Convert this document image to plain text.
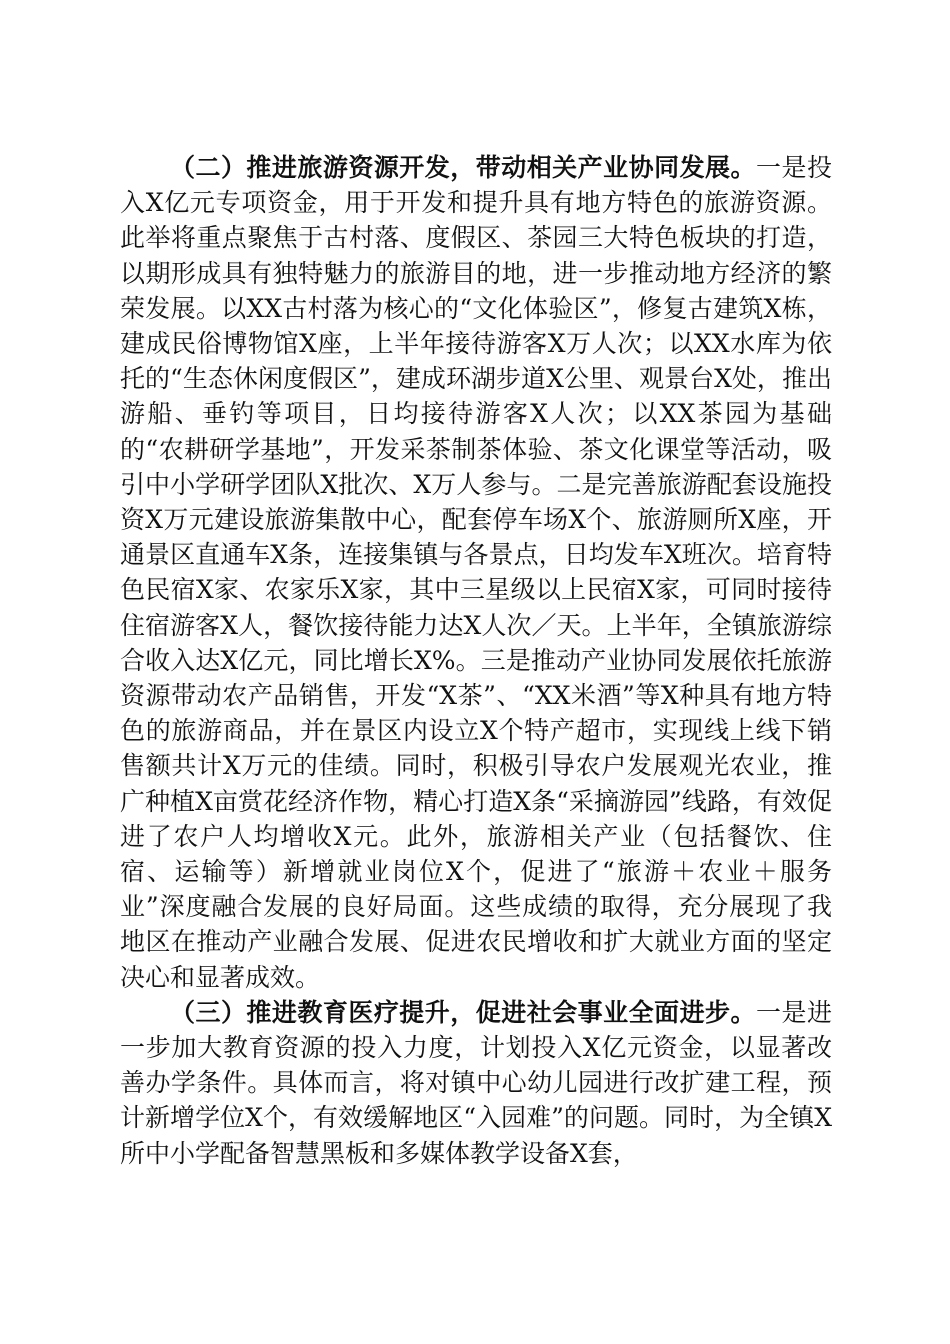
（二）推进旅游资源开发，带动相关产业协同发展。一是投入X亿元专项资金，用于开发和提升具有地方特色的旅游资源。此举将重点聚焦于古村落、度假区、茶园三大特色板块的打造，以期形成具有独特魅力的旅游目的地，进一步推动地方经济的繁荣发展。以XX古村落为核心的“文化体验区”，修复古建筑X栋，建成民俗博物馆X座，上半年接待游客X万人次；以XX水库为依托的“生态休闲度假区”，建成环湖步道X公里、观景台X处，推出游船、垂钓等项目，日均接待游客X人次；以XX茶园为基础的“农耕研学基地”，开发采茶制茶体验、茶文化课堂等活动，吸引中小学研学团队X批次、X万人参与。二是完善旅游配套设施投资X万元建设旅游集散中心，配套停车场X个、旅游厕所X座，开通景区直通车X条，连接集镇与各景点，日均发车X班次。培育特色民宿X家、农家乐X家，其中三星级以上民宿X家，可同时接待住宿游客X人，餐饮接待能力达X人次／天。上半年，全镇旅游综合收入达X亿元，同比增长X%。三是推动产业协同发展依托旅游资源带动农产品销售，开发“X茶”、“XX米酒”等X种具有地方特色的旅游商品，并在景区内设立X个特产超市，实现线上线下销售额共计X万元的佳绩。同时，积极引导农户发展观光农业，推广种植X亩赏花经济作物，精心打造X条“采摘游园”线路，有效促进了农户人均增收X元。此外，旅游相关产业（包括餐饮、住宿、运输等）新增就业岗位X个，促进了“旅游＋农业＋服务业”深度融合发展的良好局面。这些成绩的取得，充分展现了我地区在推动产业融合发展、促进农民增收和扩大就业方面的坚定决心和显著成效。

（三）推进教育医疗提升，促进社会事业全面进步。一是进一步加大教育资源的投入力度，计划投入X亿元资金，以显著改善办学条件。具体而言，将对镇中心幼儿园进行改扩建工程，预计新增学位X个，有效缓解地区“入园难”的问题。同时，为全镇X所中小学配备智慧黑板和多媒体教学设备X套，
